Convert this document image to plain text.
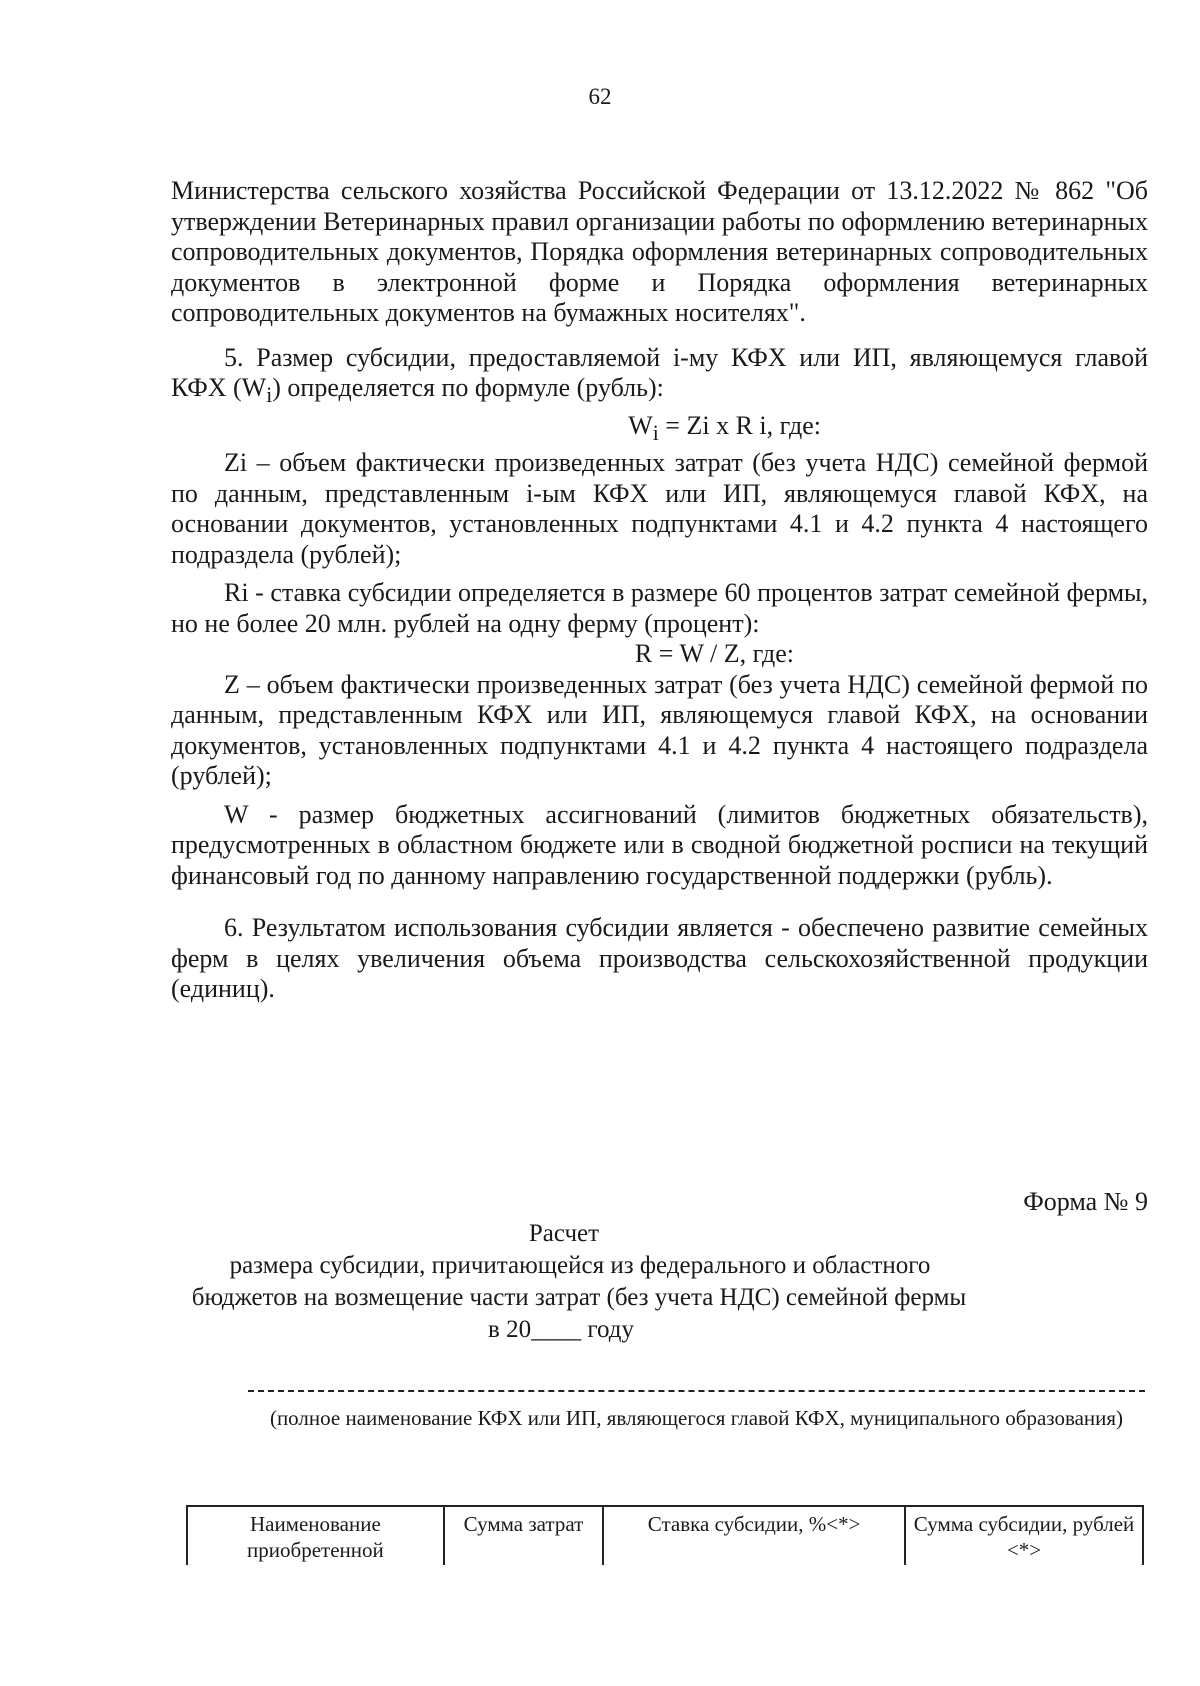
62

Министерства сельского хозяйства Российской Федерации от 13.12.2022 № 862 "Об утверждении Ветеринарных правил организации работы по оформлению ветеринарных сопроводительных документов, Порядка оформления ветеринарных сопроводительных документов в электронной форме и Порядка оформления ветеринарных сопроводительных документов на бумажных носителях".

5. Размер субсидии, предоставляемой i-му КФХ или ИП, являющемуся главой КФХ $(W_i)$ определяется по формуле (рубль):

$W_i = Zi$ x R i, где:

Zi – объем фактически произведенных затрат (без учета НДС) семейной фермой по данным, представленным i-ым КФХ или ИП, являющемуся главой КФХ, на основании документов, установленных подпунктами 4.1 и 4.2 пункта 4 настоящего подраздела (рублей);

Ri - ставка субсидии определяется в размере 60 процентов затрат семейной фермы, но не более 20 млн. рублей на одну ферму (процент):

R = W / Z, где:

Z – объем фактически произведенных затрат (без учета НДС) семейной фермой по данным, представленным КФХ или ИП, являющемуся главой КФХ, на основании документов, установленных подпунктами 4.1 и 4.2 пункта 4 настоящего подраздела (рублей);

W - размер бюджетных ассигнований (лимитов бюджетных обязательств), предусмотренных в областном бюджете или в сводной бюджетной росписи на текущий финансовый год по данному направлению государственной поддержки (рубль).

6. Результатом использования субсидии является - обеспечено развитие семейных ферм в целях увеличения объема производства сельскохозяйственной продукции (единиц).

Форма № 9
Расчет
размера субсидии, причитающейся из федерального и областного
бюджетов на возмещение части затрат (без учета НДС) семейной фермы
в 20____ году
(полное наименование КФХ или ИП, являющегося главой КФХ, муниципального образования)
Наименование приобретенной	Сумма затрат	Ставка субсидии, %<*>	Сумма субсидии, рублей <*>
